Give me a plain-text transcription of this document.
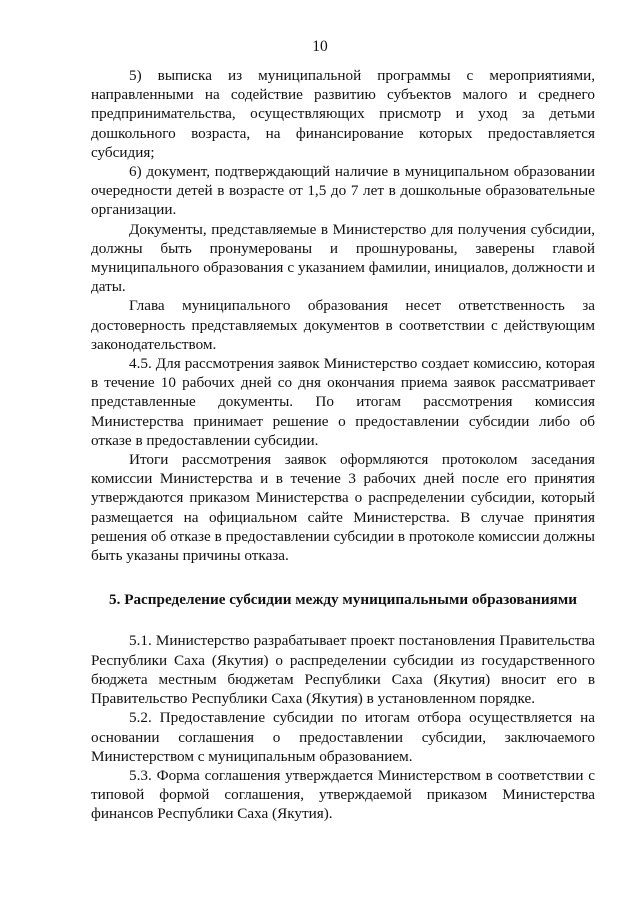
10

5) выписка из муниципальной программы с мероприятиями, направленными на содействие развитию субъектов малого и среднего предпринимательства, осуществляющих присмотр и уход за детьми дошкольного возраста, на финансирование которых предоставляется субсидия;

6) документ, подтверждающий наличие в муниципальном образовании очередности детей в возрасте от 1,5 до 7 лет в дошкольные образовательные организации.

Документы, представляемые в Министерство для получения субсидии, должны быть пронумерованы и прошнурованы, заверены главой муниципального образования с указанием фамилии, инициалов, должности и даты.

Глава муниципального образования несет ответственность за достоверность представляемых документов в соответствии с действующим законодательством.

4.5. Для рассмотрения заявок Министерство создает комиссию, которая в течение 10 рабочих дней со дня окончания приема заявок рассматривает представленные документы. По итогам рассмотрения комиссия Министерства принимает решение о предоставлении субсидии либо об отказе в предоставлении субсидии.

Итоги рассмотрения заявок оформляются протоколом заседания комиссии Министерства и в течение 3 рабочих дней после его принятия утверждаются приказом Министерства о распределении субсидии, который размещается на официальном сайте Министерства. В случае принятия решения об отказе в предоставлении субсидии в протоколе комиссии должны быть указаны причины отказа.

5. Распределение субсидии между муниципальными образованиями

5.1. Министерство разрабатывает проект постановления Правительства Республики Саха (Якутия) о распределении субсидии из государственного бюджета местным бюджетам Республики Саха (Якутия) вносит его в Правительство Республики Саха (Якутия) в установленном порядке.

5.2. Предоставление субсидии по итогам отбора осуществляется на основании соглашения о предоставлении субсидии, заключаемого Министерством с муниципальным образованием.

5.3. Форма соглашения утверждается Министерством в соответствии с типовой формой соглашения, утверждаемой приказом Министерства финансов Республики Саха (Якутия).
